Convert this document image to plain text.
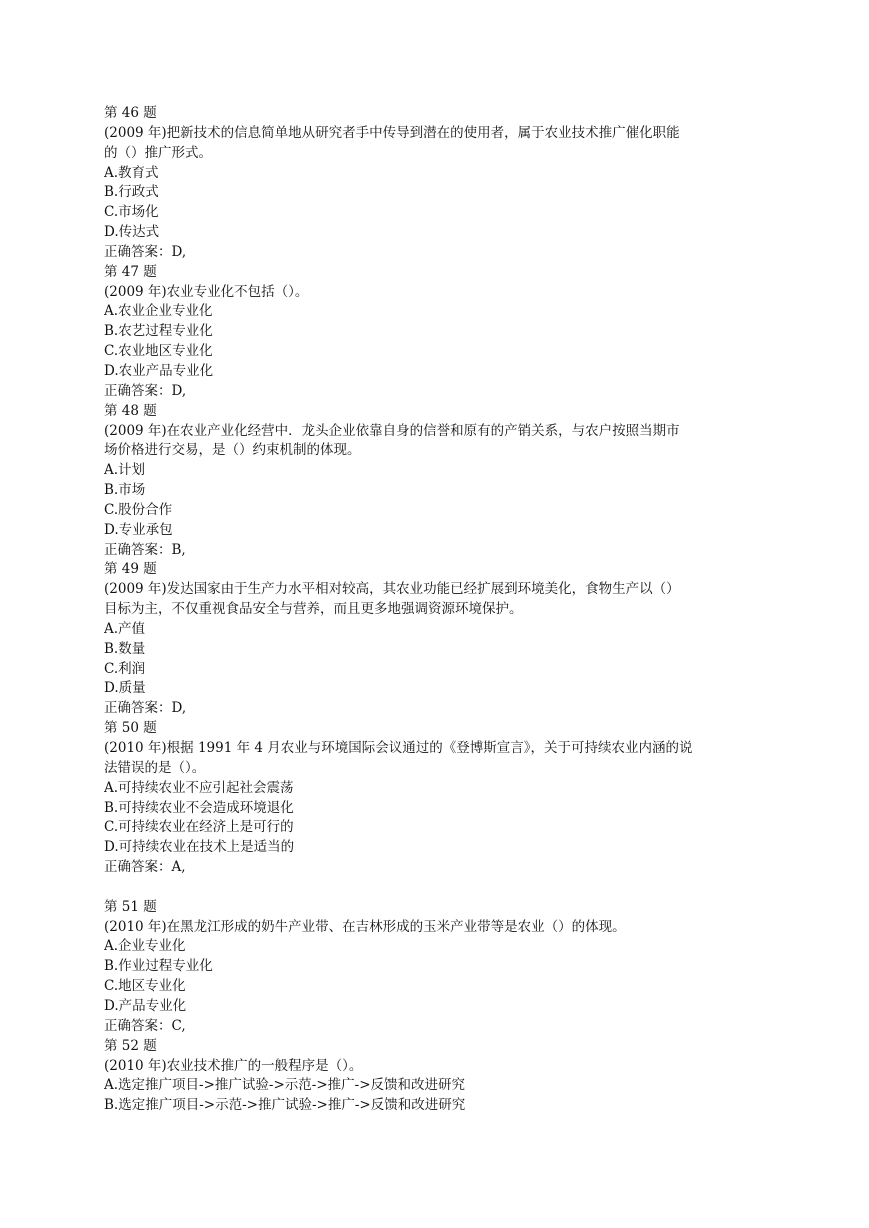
第 46 题
(2009 年)把新技术的信息简单地从研究者手中传导到潜在的使用者，属于农业技术推广催化职能
的（）推广形式。
A.教育式
B.行政式
C.市场化
D.传达式
正确答案：D,
第 47 题
(2009 年)农业专业化不包括（）。
A.农业企业专业化
B.农艺过程专业化
C.农业地区专业化
D.农业产品专业化
正确答案：D,
第 48 题
(2009 年)在农业产业化经营中．龙头企业依靠自身的信誉和原有的产销关系，与农户按照当期市
场价格进行交易，是（）约束机制的体现。
A.计划
B.市场
C.股份合作
D.专业承包
正确答案：B,
第 49 题
(2009 年)发达国家由于生产力水平相对较高，其农业功能已经扩展到环境美化，食物生产以（）
目标为主，不仅重视食品安全与营养，而且更多地强调资源环境保护。
A.产值
B.数量
C.利润
D.质量
正确答案：D,
第 50 题
(2010 年)根据 1991 年 4 月农业与环境国际会议通过的《登博斯宣言》，关于可持续农业内涵的说
法错误的是（）。
A.可持续农业不应引起社会震荡
B.可持续农业不会造成环境退化
C.可持续农业在经济上是可行的
D.可持续农业在技术上是适当的
正确答案：A,
第 51 题
(2010 年)在黑龙江形成的奶牛产业带、在吉林形成的玉米产业带等是农业（）的体现。
A.企业专业化
B.作业过程专业化
C.地区专业化
D.产品专业化
正确答案：C,
第 52 题
(2010 年)农业技术推广的一般程序是（）。
A.选定推广项目->推广试验->示范->推广->反馈和改进研究
B.选定推广项目->示范->推广试验->推广->反馈和改进研究
